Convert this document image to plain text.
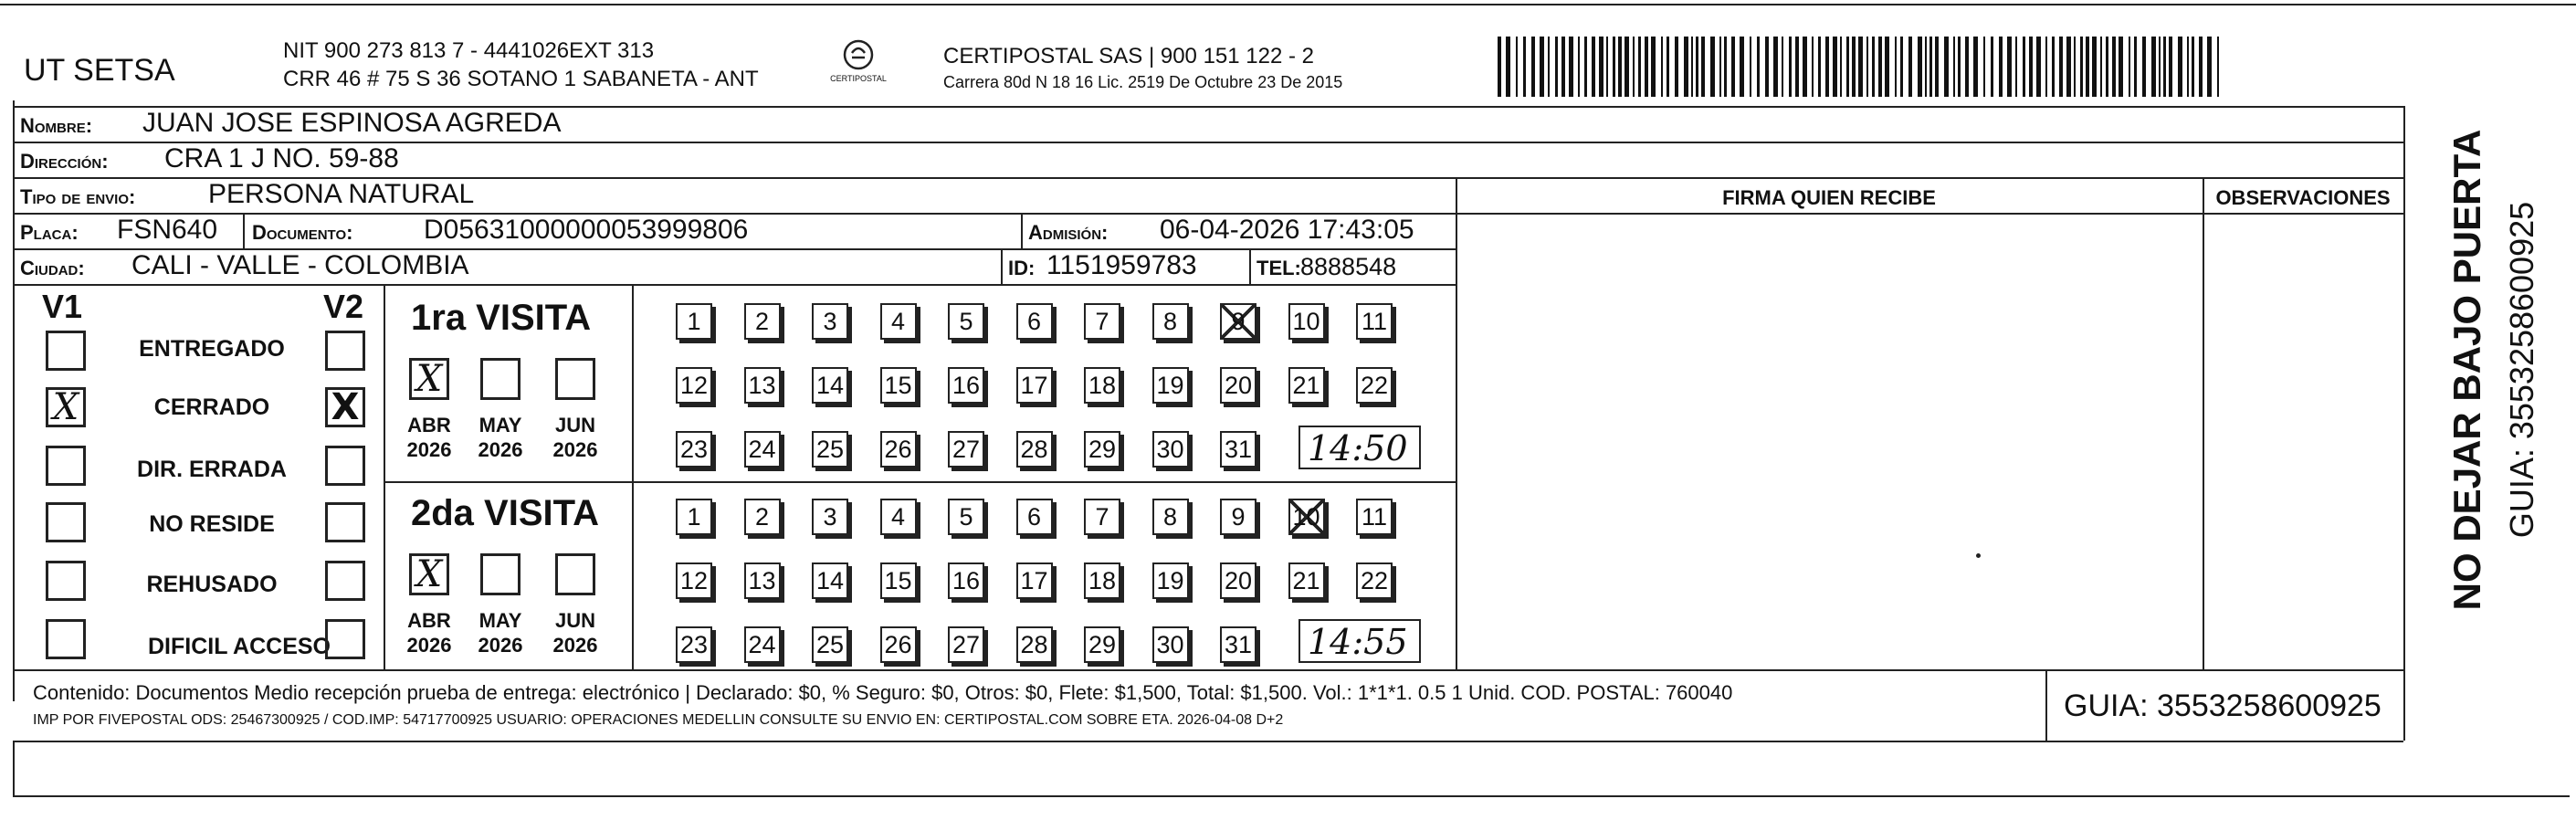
UT SETSA
NIT 900 273 813 7 - 4441026EXT 313
CRR 46 # 75 S 36 SOTANO 1 SABANETA - ANT	CERTIPOSTAL
CERTIPOSTAL SAS | 900 151 122 - 2
Carrera 80d N 18 16 Lic. 2519 De Octubre 23 De 2015
Nombre: JUAN JOSE ESPINOSA AGREDA
Dirección: CRA 1 J NO. 59-88
Tipo de envio:	PERSONA NATURAL
Placa: FSN640 Documento:	D05631000000053999806	Admisión: 06-04-2026 17:43:05
Ciudad: CALI - VALLE - COLOMBIA	ID: 1151959783	TEL: 8888548
FIRMA QUIEN RECIBE	OBSERVACIONES
V1	V2
ENTREGADO
X	CERRADO	X
DIR. ERRADA
NO RESIDE
REHUSADO
DIFICIL ACCESO
1ra VISITA
X
ABR 2026
MAY 2026
JUN 2026
2da VISITA
X
ABR 2026
MAY 2026
JUN 2026
1	2	3	4	5	6	7	8	9	10 11
12 13 14 15 16 17 18 19 20 21 22
23 24 25 26 27 28 29 30 31
1	2	3	4	5	6	7	8	9	10 11
12 13 14 15 16 17 18 19 20 21 22
23 24 25 26 27 28 29 30 31
14:50
14:55
Contenido: Documentos Medio recepción prueba de entrega: electrónico | Declarado: $0, % Seguro: $0, Otros: $0, Flete: $1,500, Total: $1,500. Vol.: 1*1*1. 0.5 1 Unid. COD. POSTAL: 760040
IMP POR FIVEPOSTAL ODS: 25467300925 / COD.IMP: 54717700925 USUARIO: OPERACIONES MEDELLIN CONSULTE SU ENVIO EN: CERTIPOSTAL.COM SOBRE ETA. 2026-04-08 D+2	GUIA: 3553258600925
NO DEJAR BAJO PUERTA GUIA: 3553258600925
